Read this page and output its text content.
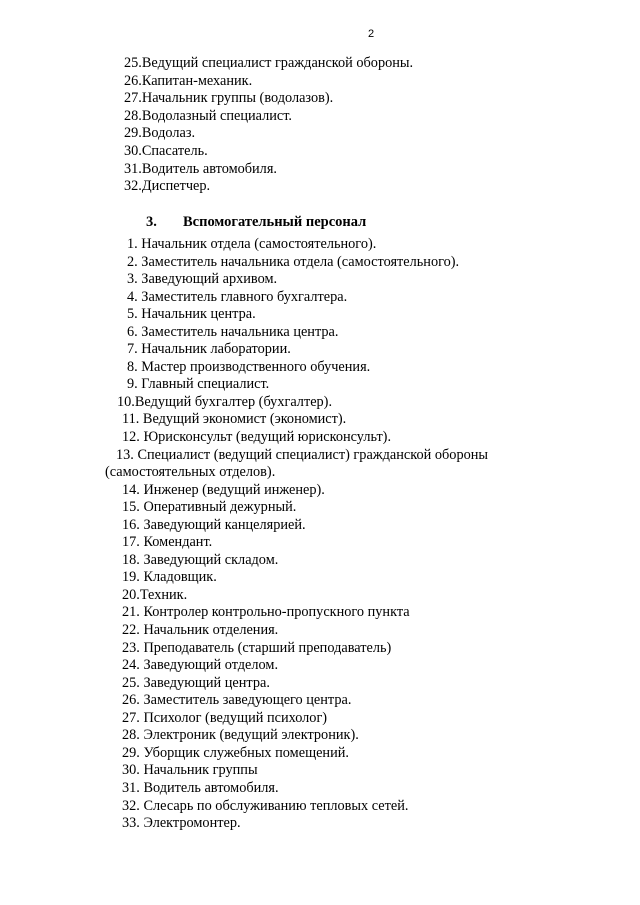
2
25.Ведущий специалист гражданской обороны.
26.Капитан-механик.
27.Начальник группы (водолазов).
28.Водолазный специалист.
29.Водолаз.
30.Спасатель.
31.Водитель автомобиля.
32.Диспетчер.
3. Вспомогательный персонал
1. Начальник отдела (самостоятельного).
2. Заместитель начальника отдела (самостоятельного).
3. Заведующий архивом.
4. Заместитель главного бухгалтера.
5. Начальник центра.
6. Заместитель начальника центра.
7. Начальник лаборатории.
8. Мастер производственного обучения.
9. Главный специалист.
10.Ведущий бухгалтер (бухгалтер).
11. Ведущий экономист (экономист).
12. Юрисконсульт (ведущий юрисконсульт).
13. Специалист (ведущий специалист) гражданской обороны
(самостоятельных отделов).
14. Инженер (ведущий инженер).
15. Оперативный дежурный.
16. Заведующий канцелярией.
17. Комендант.
18. Заведующий складом.
19. Кладовщик.
20.Техник.
21. Контролер контрольно-пропускного пункта
22. Начальник отделения.
23. Преподаватель (старший преподаватель)
24. Заведующий отделом.
25. Заведующий центра.
26. Заместитель заведующего центра.
27. Психолог (ведущий психолог)
28. Электроник (ведущий электроник).
29. Уборщик служебных помещений.
30. Начальник группы
31. Водитель автомобиля.
32. Слесарь по обслуживанию тепловых сетей.
33. Электромонтер.
